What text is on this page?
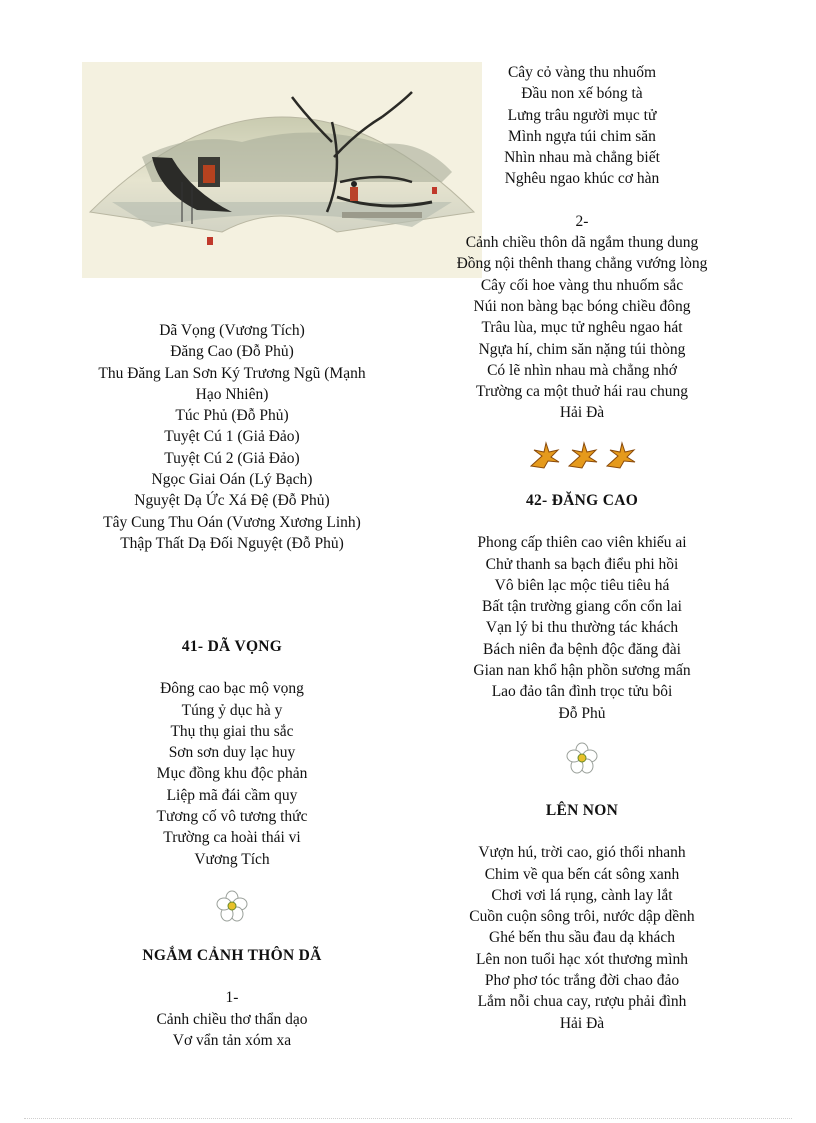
Dã Vọng (Vương Tích)
Đăng Cao (Đỗ Phủ)
Thu Đăng Lan Sơn Ký Trương Ngũ (Mạnh Hạo Nhiên)
Túc Phủ (Đỗ Phủ)
Tuyệt Cú 1 (Giả Đảo)
Tuyệt Cú 2 (Giả Đảo)
Ngọc Giai Oán (Lý Bạch)
Nguyệt Dạ Ức Xá Đệ (Đỗ Phủ)
Tây Cung Thu Oán (Vương Xương Linh)
Thập Thất Dạ Đối Nguyệt (Đỗ Phủ)
41- DÃ VỌNG
Đông cao bạc mộ vọng
Túng ỷ dục hà y
Thụ thụ giai thu sắc
Sơn sơn duy lạc huy
Mục đồng khu độc phản
Liệp mã đái cầm quy
Tương cố vô tương thức
Trường ca hoài thái vi
Vương Tích
NGẮM CẢNH THÔN DÃ
1-
Cảnh chiều thơ thẩn dạo
Vơ vẩn tản xóm xa
Cây cỏ vàng thu nhuốm
Đầu non xế bóng tà
Lưng trâu người mục tử
Mình ngựa túi chim săn
Nhìn nhau mà chẳng biết
Nghêu ngao khúc cơ hàn
2-
Cảnh chiều thôn dã ngắm thung dung
Đồng nội thênh thang chẳng vướng lòng
Cây cối hoe vàng thu nhuốm sắc
Núi non bàng bạc bóng chiều đông
Trâu lùa, mục tử nghêu ngao hát
Ngựa hí, chim săn nặng túi thòng
Có lẽ nhìn nhau mà chẳng nhớ
Trường ca một thuở hái rau chung
Hải Đà
42- ĐĂNG CAO
Phong cấp thiên cao viên khiếu ai
Chử thanh sa bạch điểu phi hồi
Vô biên lạc mộc tiêu tiêu há
Bất tận trường giang cổn cổn lai
Vạn lý bi thu thường tác khách
Bách niên đa bệnh độc đăng đài
Gian nan khổ hận phồn sương mấn
Lao đảo tân đình trọc tửu bôi
Đỗ Phủ
LÊN NON
Vượn hú, trời cao, gió thổi nhanh
Chim về qua bến cát sông xanh
Chơi vơi lá rụng, cành lay lắt
Cuồn cuộn sông trôi, nước dập dềnh
Ghé bến thu sầu đau dạ khách
Lên non tuổi hạc xót thương mình
Phơ phơ tóc trắng đời chao đảo
Lắm nỗi chua cay, rượu phải đình
Hải Đà
